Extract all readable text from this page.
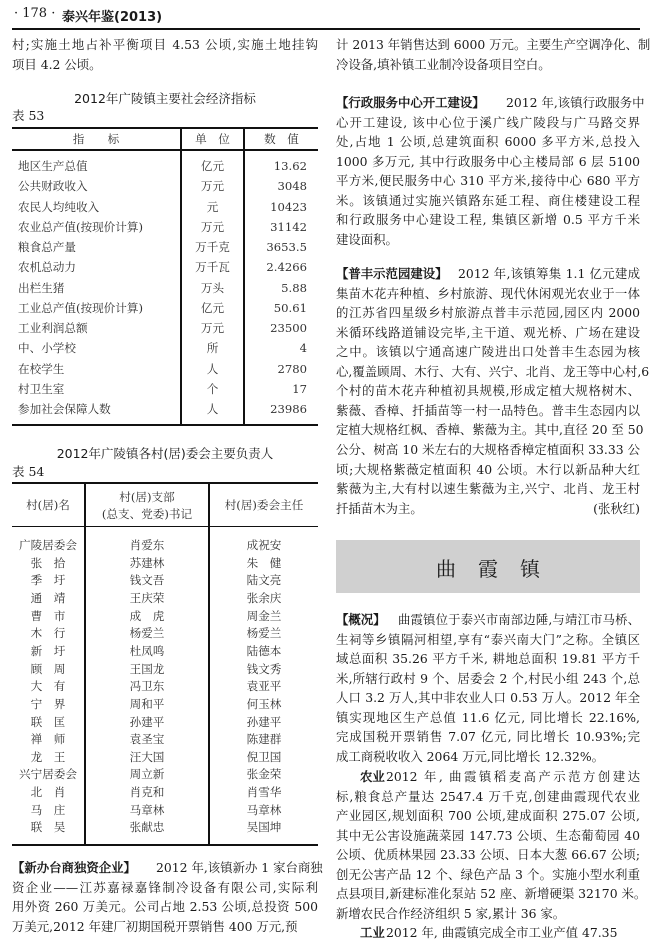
· 178 · 泰兴年鉴(2013)
曲霞镇
村;实施土地占补平衡项目 4.53 公顷,实施土地挂钩
项目 4.2 公顷。
计 2013 年销售达到 6000 万元。主要生产空调净化、制
冷设备,填补镇工业制冷设备项目空白。
【行政服务中心开工建设】 2012 年,该镇行政服务中
心开工建设, 该中心位于溪广线广陵段与广马路交界
处,占地 1 公顷,总建筑面积 6000 多平方米,总投入
1000 多万元, 其中行政服务中心主楼局部 6 层 5100
平方米,便民服务中心 310 平方米,接待中心 680 平方
米。该镇通过实施兴镇路东延工程、商住楼建设工程
和行政服务中心建设工程, 集镇区新增 0.5 平方千米
建设面积。
【普丰示范园建设】 2012 年,该镇筹集 1.1 亿元建成
集苗木花卉种植、乡村旅游、现代休闲观光农业于一体
的江苏省四星级乡村旅游点普丰示范园,园区内 2000
米循环线路道铺设完毕,主干道、观光桥、广场在建设
之中。该镇以宁通高速广陵进出口处普丰生态园为核
心,覆盖顾周、木行、大有、兴宁、北肖、龙王等中心村,6
个村的苗木花卉种植初具规模,形成定植大规格树木、
紫薇、香樟、扦插苗等一村一品特色。普丰生态园内以
定植大规格红枫、香樟、紫薇为主。其中,直径 20 至 50
公分、树高 10 米左右的大规格香樟定植面积 33.33 公
顷;大规格紫薇定植面积 40 公顷。木行以新品种大红
紫薇为主,大有村以速生紫薇为主,兴宁、北肖、龙王村
扦插苗木为主。	(张秋红)
【概况】 曲霞镇位于泰兴市南部边陲,与靖江市马桥、
生祠等乡镇隔河相望,享有“泰兴南大门”之称。全镇区
域总面积 35.26 平方千米, 耕地总面积 19.81 平方千
米,所辖行政村 9 个、居委会 2 个,村民小组 243 个,总
人口 3.2 万人,其中非农业人口 0.53 万人。2012 年全
镇实现地区生产总值 11.6 亿元, 同比增长 22.16%,
完成国税开票销售 7.07 亿元, 同比增长 10.93%;完
成工商税收收入 2064 万元,同比增长 12.32%。
农业 2012 年, 曲霞镇稻麦高产示范方创建达
标,粮食总产量达 2547.4 万千克,创建曲霞现代农业
产业园区,规划面积 700 公顷,建成面积 275.07 公顷,
其中无公害设施蔬菜园 147.73 公顷、生态葡萄园 40
公顷、优质林果园 23.33 公顷、日本大葱 66.67 公顷;
创无公害产品 12 个、绿色产品 3 个。实施小型水利重
点县项目,新建标准化泵站 52 座、新增硬渠 32170 米。
新增农民合作经济组织 5 家,累计 36 家。
工业 2012 年, 曲霞镇完成全市工业产值 47.35
【新办台商独资企业】 2012 年,该镇新办 1 家台商独
资企业——江苏嘉禄嘉锋制冷设备有限公司,实际利
用外资 260 万美元。公司占地 2.53 公顷,总投资 500
万美元,2012 年建厂初期国税开票销售 400 万元,预
2012年广陵镇主要社会经济指标
表 53
指　　标	单　位	数　值
地区生产总值	亿元	13.62
公共财政收入	万元	3048
农民人均纯收入	元	10423
农业总产值(按现价计算)	万元	31142
粮食总产量	万千克	3653.5
农机总动力	万千瓦	2.4266
出栏生猪	万头	5.88
工业总产值(按现价计算)	亿元	50.61
工业利润总额	万元	23500
中、小学校	所	4
在校学生	人	2780
村卫生室	个	17
参加社会保障人数	人	23986
2012年广陵镇各村(居)委会主要负责人
表 54
村(居)名
村(居)支部
(总支、党委)书记
村(居)委会主任
广陵居委会	肖爱东	成祝安
张　拾	苏建林	朱　健
季　圩	钱文吾	陆文亮
通　靖	王庆荣	张余庆
曹　市	成　虎	周金兰
木　行	杨爱兰	杨爱兰
新　圩	杜凤鸣	陆德本
顾　周	王国龙	钱文秀
大　有	冯卫东	袁亚平
宁　界	周和平	何玉林
联　匡	孙建平	孙建平
禅　师	袁圣宝	陈建群
龙　王	汪大国	倪卫国
兴宁居委会	周立新	张金荣
北　肖	肖克和	肖雪华
马　庄	马章林	马章林
联　吴	张献忠	吴国坤
